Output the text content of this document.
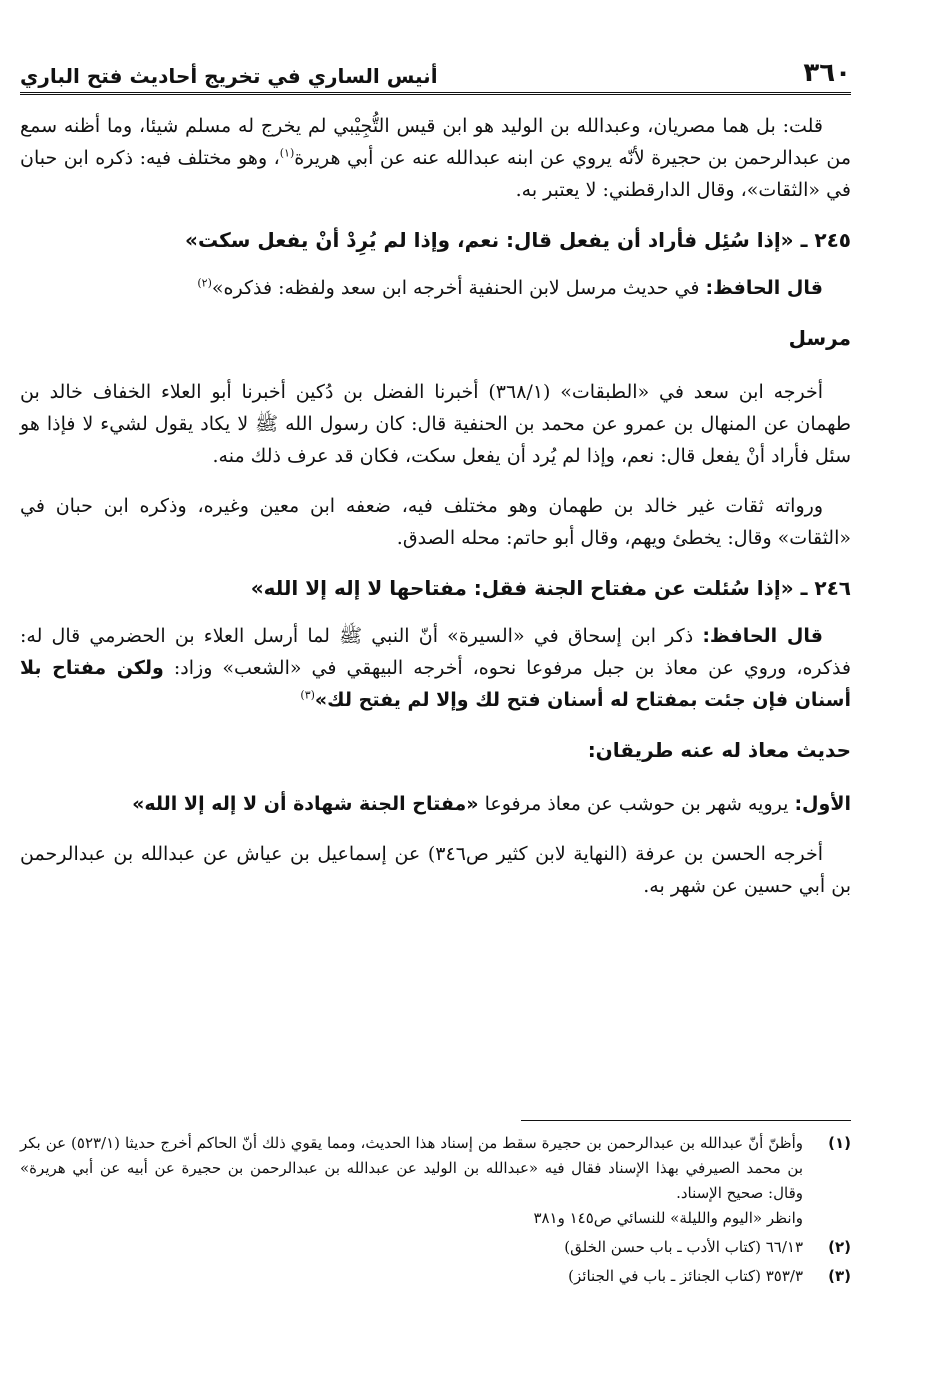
٣٦٠
أنيس الساري في تخريج أحاديث فتح الباري

قلت: بل هما مصريان، وعبدالله بن الوليد هو ابن قيس التُّجِيْبي لم يخرج له مسلم شيئا، وما أظنه سمع من عبدالرحمن بن حجيرة لأنّه يروي عن ابنه عبدالله عنه عن أبي هريرة$^{(١)}$، وهو مختلف فيه: ذكره ابن حبان في «الثقات»، وقال الدارقطني: لا يعتبر به.

٢٤٥ ـ «إذا سُئِل فأراد أن يفعل قال: نعم، وإذا لم يُرِدْ أنْ يفعل سكت»

قال الحافظ: في حديث مرسل لابن الحنفية أخرجه ابن سعد ولفظه: فذكره»$^{(٢)}$

مرسل

أخرجه ابن سعد في «الطبقات» (٣٦٨/١) أخبرنا الفضل بن دُكين أخبرنا أبو العلاء الخفاف خالد بن طهمان عن المنهال بن عمرو عن محمد بن الحنفية قال: كان رسول الله ﷺ لا يكاد يقول لشيء لا فإذا هو سئل فأراد أنْ يفعل قال: نعم، وإذا لم يُرد أن يفعل سكت، فكان قد عرف ذلك منه.

ورواته ثقات غير خالد بن طهمان وهو مختلف فيه، ضعفه ابن معين وغيره، وذكره ابن حبان في «الثقات» وقال: يخطئ ويهم، وقال أبو حاتم: محله الصدق.

٢٤٦ ـ «إذا سُئلت عن مفتاح الجنة فقل: مفتاحها لا إله إلا الله»

قال الحافظ: ذكر ابن إسحاق في «السيرة» أنّ النبي ﷺ لما أرسل العلاء بن الحضرمي قال له: فذكره، وروي عن معاذ بن جبل مرفوعا نحوه، أخرجه البيهقي في «الشعب» وزاد: ولكن مفتاح بلا أسنان فإن جئت بمفتاح له أسنان فتح لك وإلا لم يفتح لك»$^{(٣)}$

حديث معاذ له عنه طريقان:

الأول: يرويه شهر بن حوشب عن معاذ مرفوعا «مفتاح الجنة شهادة أن لا إله إلا الله»

أخرجه الحسن بن عرفة (النهاية لابن كثير ص٣٤٦) عن إسماعيل بن عياش عن عبدالله بن عبدالرحمن بن أبي حسين عن شهر به.

(١)
وأظنّ أنّ عبدالله بن عبدالرحمن بن حجيرة سقط من إسناد هذا الحديث، ومما يقوي ذلك أنّ الحاكم أخرج حديثا (٥٢٣/١) عن بكر بن محمد الصيرفي بهذا الإسناد فقال فيه «عبدالله بن الوليد عن عبدالله بن عبدالرحمن بن حجيرة عن أبيه عن أبي هريرة» وقال: صحيح الإسناد.
وانظر «اليوم والليلة» للنسائي ص١٤٥ و٣٨١
(٢)
٦٦/١٣ (كتاب الأدب ـ باب حسن الخلق)
(٣)
٣٥٣/٣ (كتاب الجنائز ـ باب في الجنائز)
